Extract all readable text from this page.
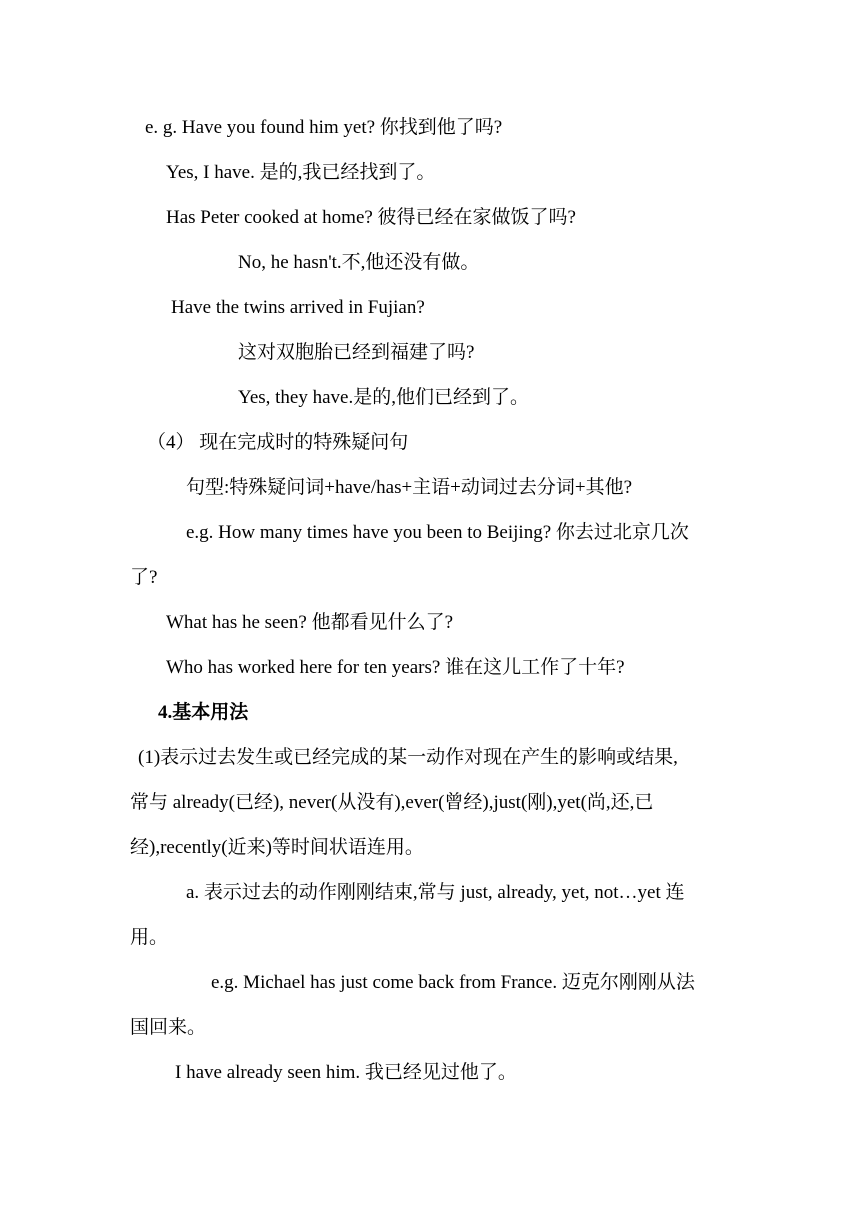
e. g. Have you found him yet? 你找到他了吗?
Yes, I have. 是的,我已经找到了。
Has Peter cooked at home? 彼得已经在家做饭了吗?
No, he hasn't.不,他还没有做。
Have the twins arrived in Fujian?
这对双胞胎已经到福建了吗?
Yes, they have.是的,他们已经到了。
（4） 现在完成时的特殊疑问句
句型:特殊疑问词+have/has+主语+动词过去分词+其他?
e.g. How many times have you been to Beijing? 你去过北京几次
了?
What has he seen? 他都看见什么了?
Who has worked here for ten years? 谁在这儿工作了十年?
4.基本用法
(1)表示过去发生或已经完成的某一动作对现在产生的影响或结果,
常与 already(已经), never(从没有),ever(曾经),just(刚),yet(尚,还,已
经),recently(近来)等时间状语连用。
a. 表示过去的动作刚刚结束,常与 just, already, yet, not…yet 连
用。
e.g. Michael has just come back from France. 迈克尔刚刚从法
国回来。
I have already seen him. 我已经见过他了。
